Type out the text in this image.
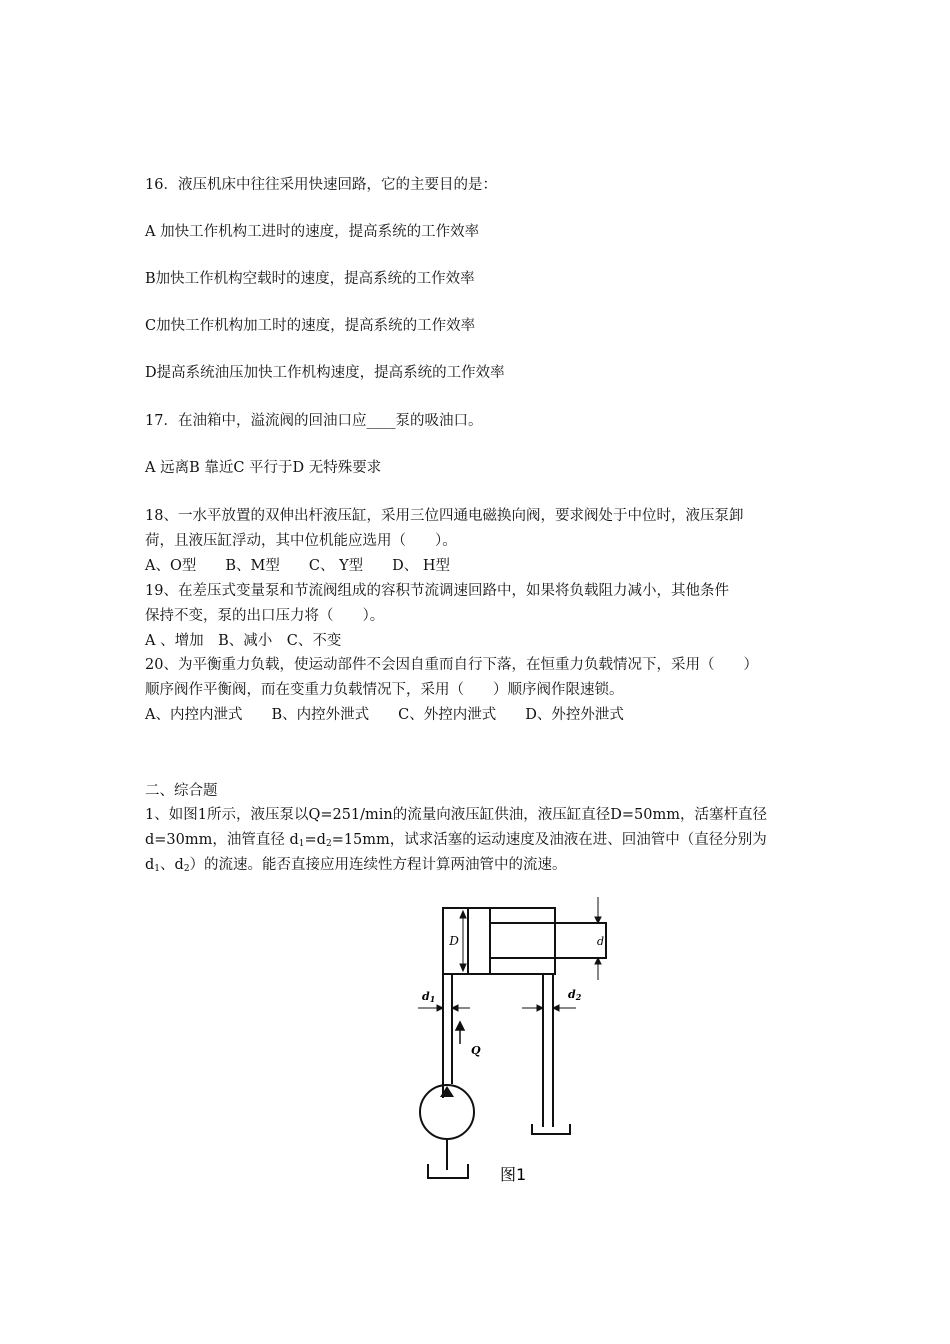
16．液压机床中往往采用快速回路，它的主要目的是：
A 加快工作机构工进时的速度，提高系统的工作效率
B加快工作机构空载时的速度，提高系统的工作效率
C加快工作机构加工时的速度，提高系统的工作效率
D提高系统油压加快工作机构速度，提高系统的工作效率
17．在油箱中，溢流阀的回油口应____泵的吸油口。
A 远离B 靠近C 平行于D 无特殊要求
18、一水平放置的双伸出杆液压缸，采用三位四通电磁换向阀，要求阀处于中位时，液压泵卸
荷，且液压缸浮动，其中位机能应选用（　　）。
A、O型　　B、M型　　C、 Y型　　D、 H型
19、在差压式变量泵和节流阀组成的容积节流调速回路中，如果将负载阻力减小，其他条件
保持不变，泵的出口压力将（　　）。
A 、增加　B、减小　C、不变
20、为平衡重力负载，使运动部件不会因自重而自行下落，在恒重力负载情况下，采用（　　）
顺序阀作平衡阀，而在变重力负载情况下，采用（　　）顺序阀作限速锁。
A、内控内泄式　　B、内控外泄式　　C、外控内泄式　　D、外控外泄式
二、综合题
1、如图1所示，液压泵以Q=251/min的流量向液压缸供油，液压缸直径D=50mm，活塞杆直径
d=30mm，油管直径 $d_1=d_2=15mm$，试求活塞的运动速度及油液在进、回油管中（直径分别为
$d_1$、$d_2$）的流速。能否直接应用连续性方程计算两油管中的流速。
D	d
d1	d2
Q
图1
